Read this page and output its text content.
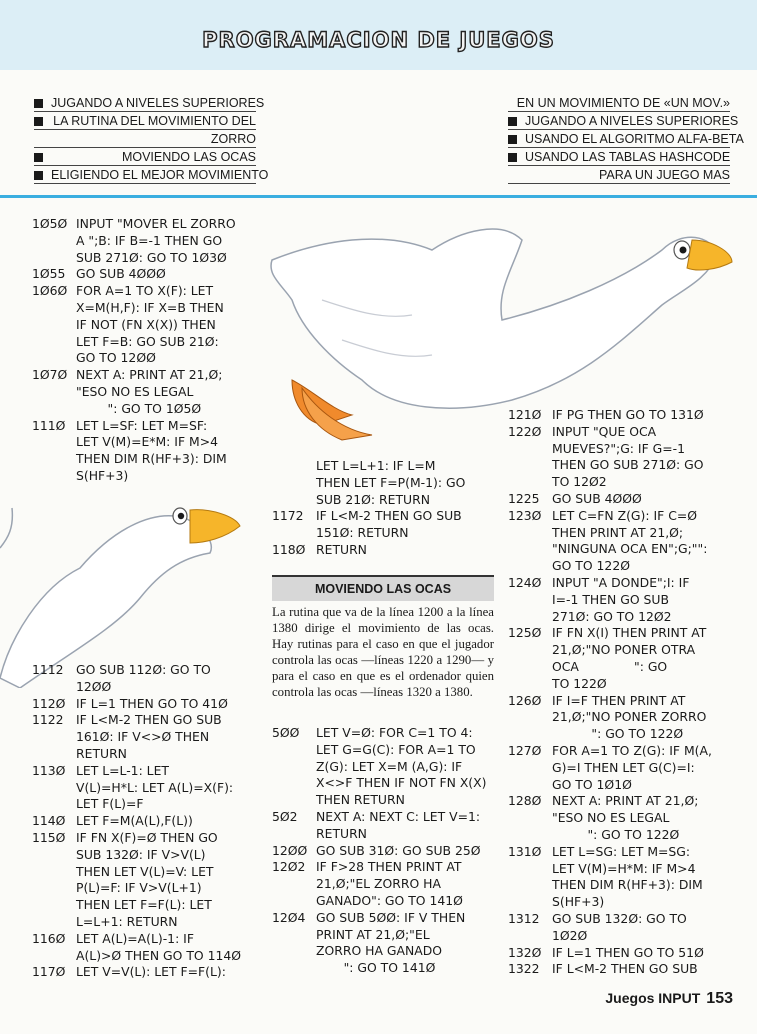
PROGRAMACION DE JUEGOS
JUGANDO A NIVELES SUPERIORES
LA RUTINA DEL MOVIMIENTO DEL
ZORRO
MOVIENDO LAS OCAS
ELIGIENDO EL MEJOR MOVIMIENTO
EN UN MOVIMIENTO DE «UN MOV.»
JUGANDO A NIVELES SUPERIORES
USANDO EL ALGORITMO ALFA-BETA
USANDO LAS TABLAS HASHCODE
PARA UN JUEGO MAS
1Ø5Ø INPUT "MOVER EL ZORRO
A ";B: IF B=-1 THEN GO
SUB 271Ø: GO TO 1Ø3Ø
1Ø55 GO SUB 4ØØØ
1Ø6Ø FOR A=1 TO X(F): LET
X=M(H,F): IF X=B THEN
IF NOT (FN X(X)) THEN
LET F=B: GO SUB 21Ø:
GO TO 12ØØ
1Ø7Ø NEXT A: PRINT AT 21,Ø;
"ESO NO ES LEGAL
": GO TO 1Ø5Ø
111Ø LET L=SF: LET M=SF:
LET V(M)=E*M: IF M>4
THEN DIM R(HF+3): DIM
S(HF+3)
1112	GO SUB 112Ø: GO TO
12ØØ
112Ø IF L=1 THEN GO TO 41Ø
1122	IF L<M-2 THEN GO SUB
161Ø: IF V<>Ø THEN
RETURN
113Ø LET L=L-1: LET
V(L)=H*L: LET A(L)=X(F):
LET F(L)=F
114Ø LET F=M(A(L),F(L))
115Ø IF FN X(F)=Ø THEN GO
SUB 132Ø: IF V>V(L)
THEN LET V(L)=V: LET
P(L)=F: IF V>V(L+1)
THEN LET F=F(L): LET
L=L+1: RETURN
116Ø LET A(L)=A(L)-1: IF
A(L)>Ø THEN GO TO 114Ø
117Ø LET V=V(L): LET F=F(L):
LET L=L+1: IF L=M
THEN LET F=P(M-1): GO
SUB 21Ø: RETURN
1172	IF L<M-2 THEN GO SUB
151Ø: RETURN
118Ø RETURN
MOVIENDO LAS OCAS
La rutina que va de la línea 1200 a la línea 1380 dirige el movimiento de las ocas. Hay rutinas para el caso en que el jugador controla las ocas —líneas 1220 a 1290— y para el caso en que es el ordenador quien controla las ocas —líneas 1320 a 1380.
5ØØ	LET V=Ø: FOR C=1 TO 4:
LET G=G(C): FOR A=1 TO
Z(G): LET X=M (A,G): IF
X<>F THEN IF NOT FN X(X)
THEN RETURN
5Ø2	NEXT A: NEXT C: LET V=1:
RETURN
12ØØ GO SUB 31Ø: GO SUB 25Ø
12Ø2 IF F>28 THEN PRINT AT
21,Ø;"EL ZORRO HA
GANADO": GO TO 141Ø
12Ø4 GO SUB 5ØØ: IF V THEN
PRINT AT 21,Ø;"EL
ZORRO HA GANADO
": GO TO 141Ø
121Ø IF PG THEN GO TO 131Ø
122Ø INPUT "QUE OCA
MUEVES?";G: IF G=-1
THEN GO SUB 271Ø: GO
TO 12Ø2
1225	GO SUB 4ØØØ
123Ø LET C=FN Z(G): IF C=Ø
THEN PRINT AT 21,Ø;
"NINGUNA OCA EN";G;"":
GO TO 122Ø
124Ø INPUT "A DONDE";I: IF
I=-1 THEN GO SUB
271Ø: GO TO 12Ø2
125Ø IF FN X(I) THEN PRINT AT
21,Ø;"NO PONER OTRA
OCA              ": GO
TO 122Ø
126Ø IF I=F THEN PRINT AT
21,Ø;"NO PONER ZORRO
": GO TO 122Ø
127Ø FOR A=1 TO Z(G): IF M(A,
G)=I THEN LET G(C)=I:
GO TO 1Ø1Ø
128Ø NEXT A: PRINT AT 21,Ø;
"ESO NO ES LEGAL
": GO TO 122Ø
131Ø LET L=SG: LET M=SG:
LET V(M)=H*M: IF M>4
THEN DIM R(HF+3): DIM
S(HF+3)
1312	GO SUB 132Ø: GO TO
1Ø2Ø
132Ø IF L=1 THEN GO TO 51Ø
1322	IF L<M-2 THEN GO SUB
Juegos INPUT 153
